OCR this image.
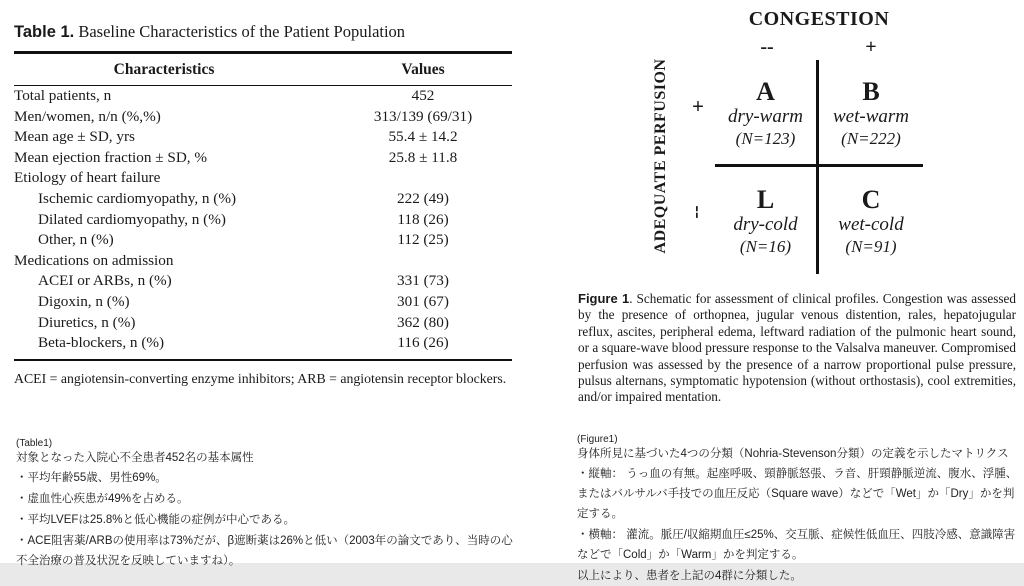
Table 1. Baseline Characteristics of the Patient Population
Characteristics	Values
Total patients, n	452
Men/women, n/n (%,%)	313/139 (69/31)
Mean age ± SD, yrs	55.4 ± 14.2
Mean ejection fraction ± SD, %	25.8 ± 11.8
Etiology of heart failure
Ischemic cardiomyopathy, n (%)	222 (49)
Dilated cardiomyopathy, n (%)	118 (26)
Other, n (%)	112 (25)
Medications on admission
ACEI or ARBs, n (%)	331 (73)
Digoxin, n (%)	301 (67)
Diuretics, n (%)	362 (80)
Beta-blockers, n (%)	116 (26)
ACEI = angiotensin-converting enzyme inhibitors; ARB = angiotensin receptor blockers.
CONGESTION
--	+
ADEQUATE PERFUSION +
--
A
dry-warm
(N=123)
B
wet-warm
(N=222)
L
dry-cold
(N=16)
C
wet-cold
(N=91)
Figure 1. Schematic for assessment of clinical profiles. Congestion was assessed by the presence of orthopnea, jugular venous distention, rales, hepatojugular reflux, ascites, peripheral edema, leftward radiation of the pulmonic heart sound, or a square-wave blood pressure response to the Valsalva maneuver. Compromised perfusion was assessed by the presence of a narrow proportional pulse pressure, pulsus alternans, symptomatic hypotension (without orthostasis), cool extremities, and/or impaired mentation.
(Table1)
対象となった入院心不全患者452名の基本属性
・平均年齢55歳、男性69%。
・虚血性心疾患が49%を占める。
・平均LVEFは25.8%と低心機能の症例が中心である。
・ACE阻害薬/ARBの使用率は73%だが、β遮断薬は26%と低い（2003年の論文であり、当時の心不全治療の普及状況を反映していますね）。
(Figure1)
身体所見に基づいた4つの分類（Nohria-Stevenson分類）の定義を示したマトリクス
・縦軸： うっ血の有無。起座呼吸、頸静脈怒張、ラ音、肝頸静脈逆流、腹水、浮腫、またはバルサルバ手技での血圧反応（Square wave）などで「Wet」か「Dry」かを判定する。
・横軸： 灌流。脈圧/収縮期血圧≤25%、交互脈、症候性低血圧、四肢冷感、意識障害などで「Cold」か「Warm」かを判定する。
以上により、患者を上記の4群に分類した。
